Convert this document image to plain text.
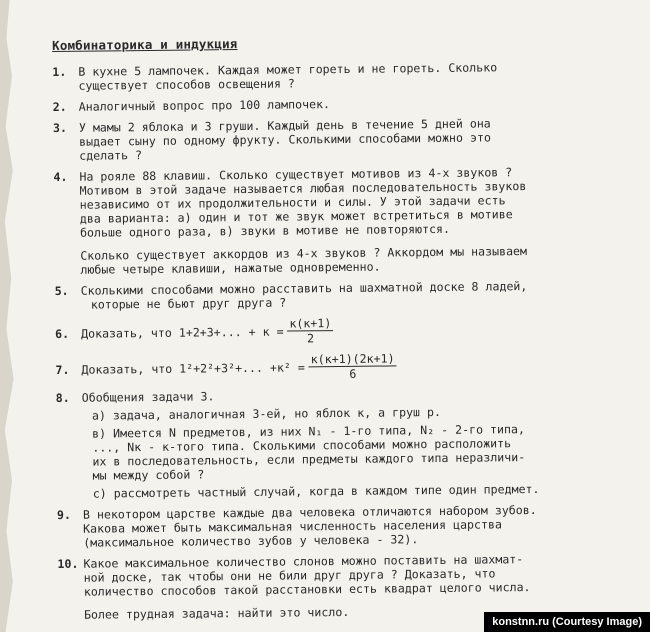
Комбинаторика и индукция
1.	В кухне 5 лампочек. Каждая может гореть и не гореть. Сколько
существует способов освещения ?
2.	Аналогичный вопрос про 100 лампочек.
3.	У мамы 2 яблока и 3 груши. Каждый день в течение 5 дней она
выдает сыну по одному фрукту. Сколькими способами можно это
сделать ?
4.	На рояле 88 клавиш. Сколько существует мотивов из 4-х звуков ?
Мотивом в этой задаче называется любая последовательность звуков
независимо от их продолжительности и силы. У этой задачи есть
два варианта: а) один и тот же звук может встретиться в мотиве
больше одного раза, в) звуки в мотиве не повторяются.
Сколько существует аккордов из 4-х звуков ? Аккордом мы называем
любые четыре клавиши, нажатые одновременно.
5.	Сколькими способами можно расставить на шахматной доске 8 ладей,
которые не бьют друг друга ?
6.	Доказать, что 1+2+3+... + $к = \frac{к(к+1)}{2}$
7.	Доказать, что 1²+2²+3²+... $+к^2 = \frac{к(к+1)(2к+1)}{6}$
8.	Обобщения задачи 3.
а) задача, аналогичная 3-ей, но яблок к, а груш р.
в) Имеется N предметов, из них N₁ - 1-го типа, N₂ - 2-го типа,
..., Nк - к-того типа. Сколькими способами можно расположить
их в последовательность, если предметы каждого типа неразличи-
мы между собой ?
с) рассмотреть частный случай, когда в каждом типе один предмет.
9.	В некотором царстве каждые два человека отличаются набором зубов.
Какова может быть максимальная численность населения царства
(максимальное количество зубов у человека - 32).
10. Какое максимальное количество слонов можно поставить на шахмат-
ной доске, так чтобы они не били друг друга ? Доказать, что
количество способов такой расстановки есть квадрат целого числа.
Более трудная задача: найти это число.
konstnn.ru (Courtesy Image)
